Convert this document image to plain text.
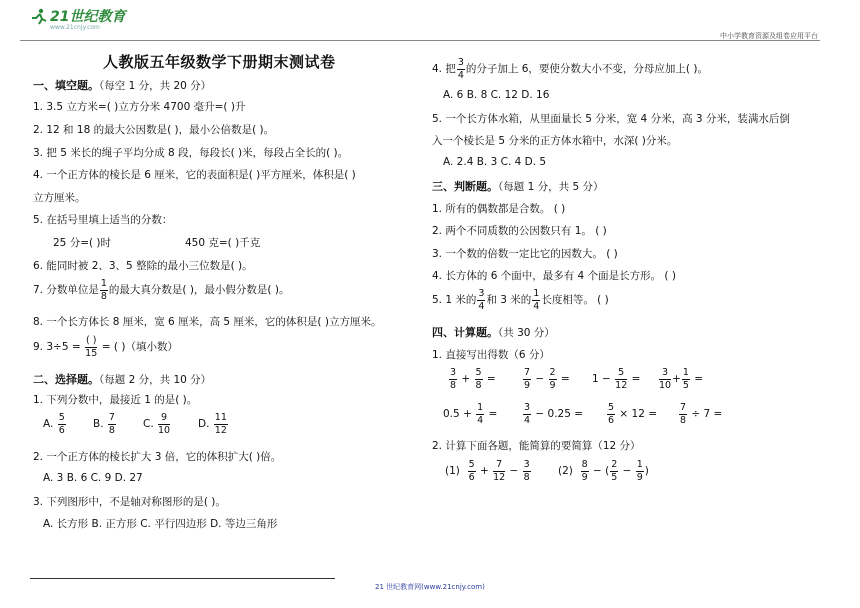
21世纪教育
www.21cnjy.com
中小学教育资源及组卷应用平台
人教版五年级数学下册期末测试卷
一、填空题。（每空 1 分，共 20 分）
1. 3.5 立方米=( )立方分米 4700 毫升=( )升
2. 12 和 18 的最大公因数是( )，最小公倍数是( )。
3. 把 5 米长的绳子平均分成 8 段，每段长( )米，每段占全长的( )。
4. 一个正方体的棱长是 6 厘米，它的表面积是( )平方厘米，体积是( )
立方厘米。
5. 在括号里填上适当的分数：
25 分=( )时	450 克=( )千克
6. 能同时被 2、3、5 整除的最小三位数是( )。
7. 分数单位是 $\frac{1}{8}$ 的最大真分数是( )，最小假分数是( )。
8. 一个长方体长 8 厘米，宽 6 厘米，高 5 厘米，它的体积是( )立方厘米。
9. $3\div 5 = \frac{( )}{15}$ = ( )（填小数）
二、选择题。（每题 2 分，共 10 分）
1. 下列分数中，最接近 1 的是( )。
A. $\frac{5}{6}$	B. $\frac{7}{8}$	C. $\frac{9}{10}$	D. $\frac{11}{12}$
2. 一个正方体的棱长扩大 3 倍，它的体积扩大( )倍。
A. 3 B. 6 C. 9 D. 27
3. 下列图形中，不是轴对称图形的是( )。
A. 长方形 B. 正方形 C. 平行四边形 D. 等边三角形
4. 把 $\frac{3}{4}$ 的分子加上 6，要使分数大小不变，分母应加上( )。
A. 6 B. 8 C. 12 D. 16
5. 一个长方体水箱，从里面量长 5 分米，宽 4 分米，高 3 分米，装满水后倒
入一个棱长是 5 分米的正方体水箱中，水深( )分米。
A. 2.4 B. 3 C. 4 D. 5
三、判断题。（每题 1 分，共 5 分）
1. 所有的偶数都是合数。 ( )
2. 两个不同质数的公因数只有 1。 ( )
3. 一个数的倍数一定比它的因数大。 ( )
4. 长方体的 6 个面中，最多有 4 个面是长方形。 ( )
5. 1 米的 $\frac{3}{4}$ 和 3 米的 $\frac{1}{4}$ 长度相等。 ( )
四、计算题。（共 30 分）
1. 直接写出得数（6 分）
$\frac{3}{8} + \frac{5}{8}$ =	$\frac{7}{9} - \frac{2}{9} = 1 - \frac{5}{12} = \frac{3}{10} + \frac{1}{5}$ =
$0.5 + \frac{1}{4}$ =	$\frac{3}{4} - 0.25$ =	$\frac{5}{6} \times 12 = \frac{7}{8} \div 7$ =
2. 计算下面各题，能简算的要简算（12 分）
$(1) \frac{5}{6} + \frac{7}{12} - \frac{3}{8}$	$(2) \frac{8}{9}$ − ( $\frac{2}{5} - \frac{1}{9}$ )
21 世纪教育网(www.21cnjy.com)
